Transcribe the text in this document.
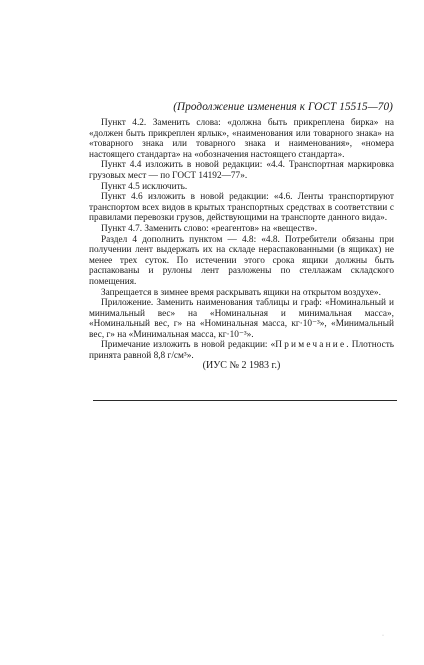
(Продолжение изменения к ГОСТ 15515—70)

Пункт 4.2. Заменить слова: «должна быть прикреплена бирка» на «должен быть прикреплен ярлык», «наименования или товарного знака» на «товарного знака или товарного знака и наименования», «номера настоящего стандарта» на «обозначения настоящего стандарта».

Пункт 4.4 изложить в новой редакции: «4.4. Транспортная маркировка грузовых мест — по ГОСТ 14192—77».

Пункт 4.5 исключить.

Пункт 4.6 изложить в новой редакции: «4.6. Ленты транспортируют транспортом всех видов в крытых транспортных средствах в соответствии с правилами перевозки грузов, действующими на транспорте данного вида».

Пункт 4.7. Заменить слово: «реагентов» на «веществ».

Раздел 4 дополнить пунктом — 4.8: «4.8. Потребители обязаны при получении лент выдержать их на складе нераспакованными (в ящиках) не менее трех суток. По истечении этого срока ящики должны быть распакованы и рулоны лент разложены по стеллажам складского помещения.

Запрещается в зимнее время раскрывать ящики на открытом воздухе».

Приложение. Заменить наименования таблицы и граф: «Номинальный и минимальный вес» на «Номинальная и минимальная масса», «Номинальный вес, г» на «Номинальная масса, кг·10⁻³», «Минимальный вес, г» на «Минимальная масса, кг·10⁻³».

Примечание изложить в новой редакции: «Примечание. Плотность принята равной 8,8 г/см³».

(ИУС № 2 1983 г.)
·
